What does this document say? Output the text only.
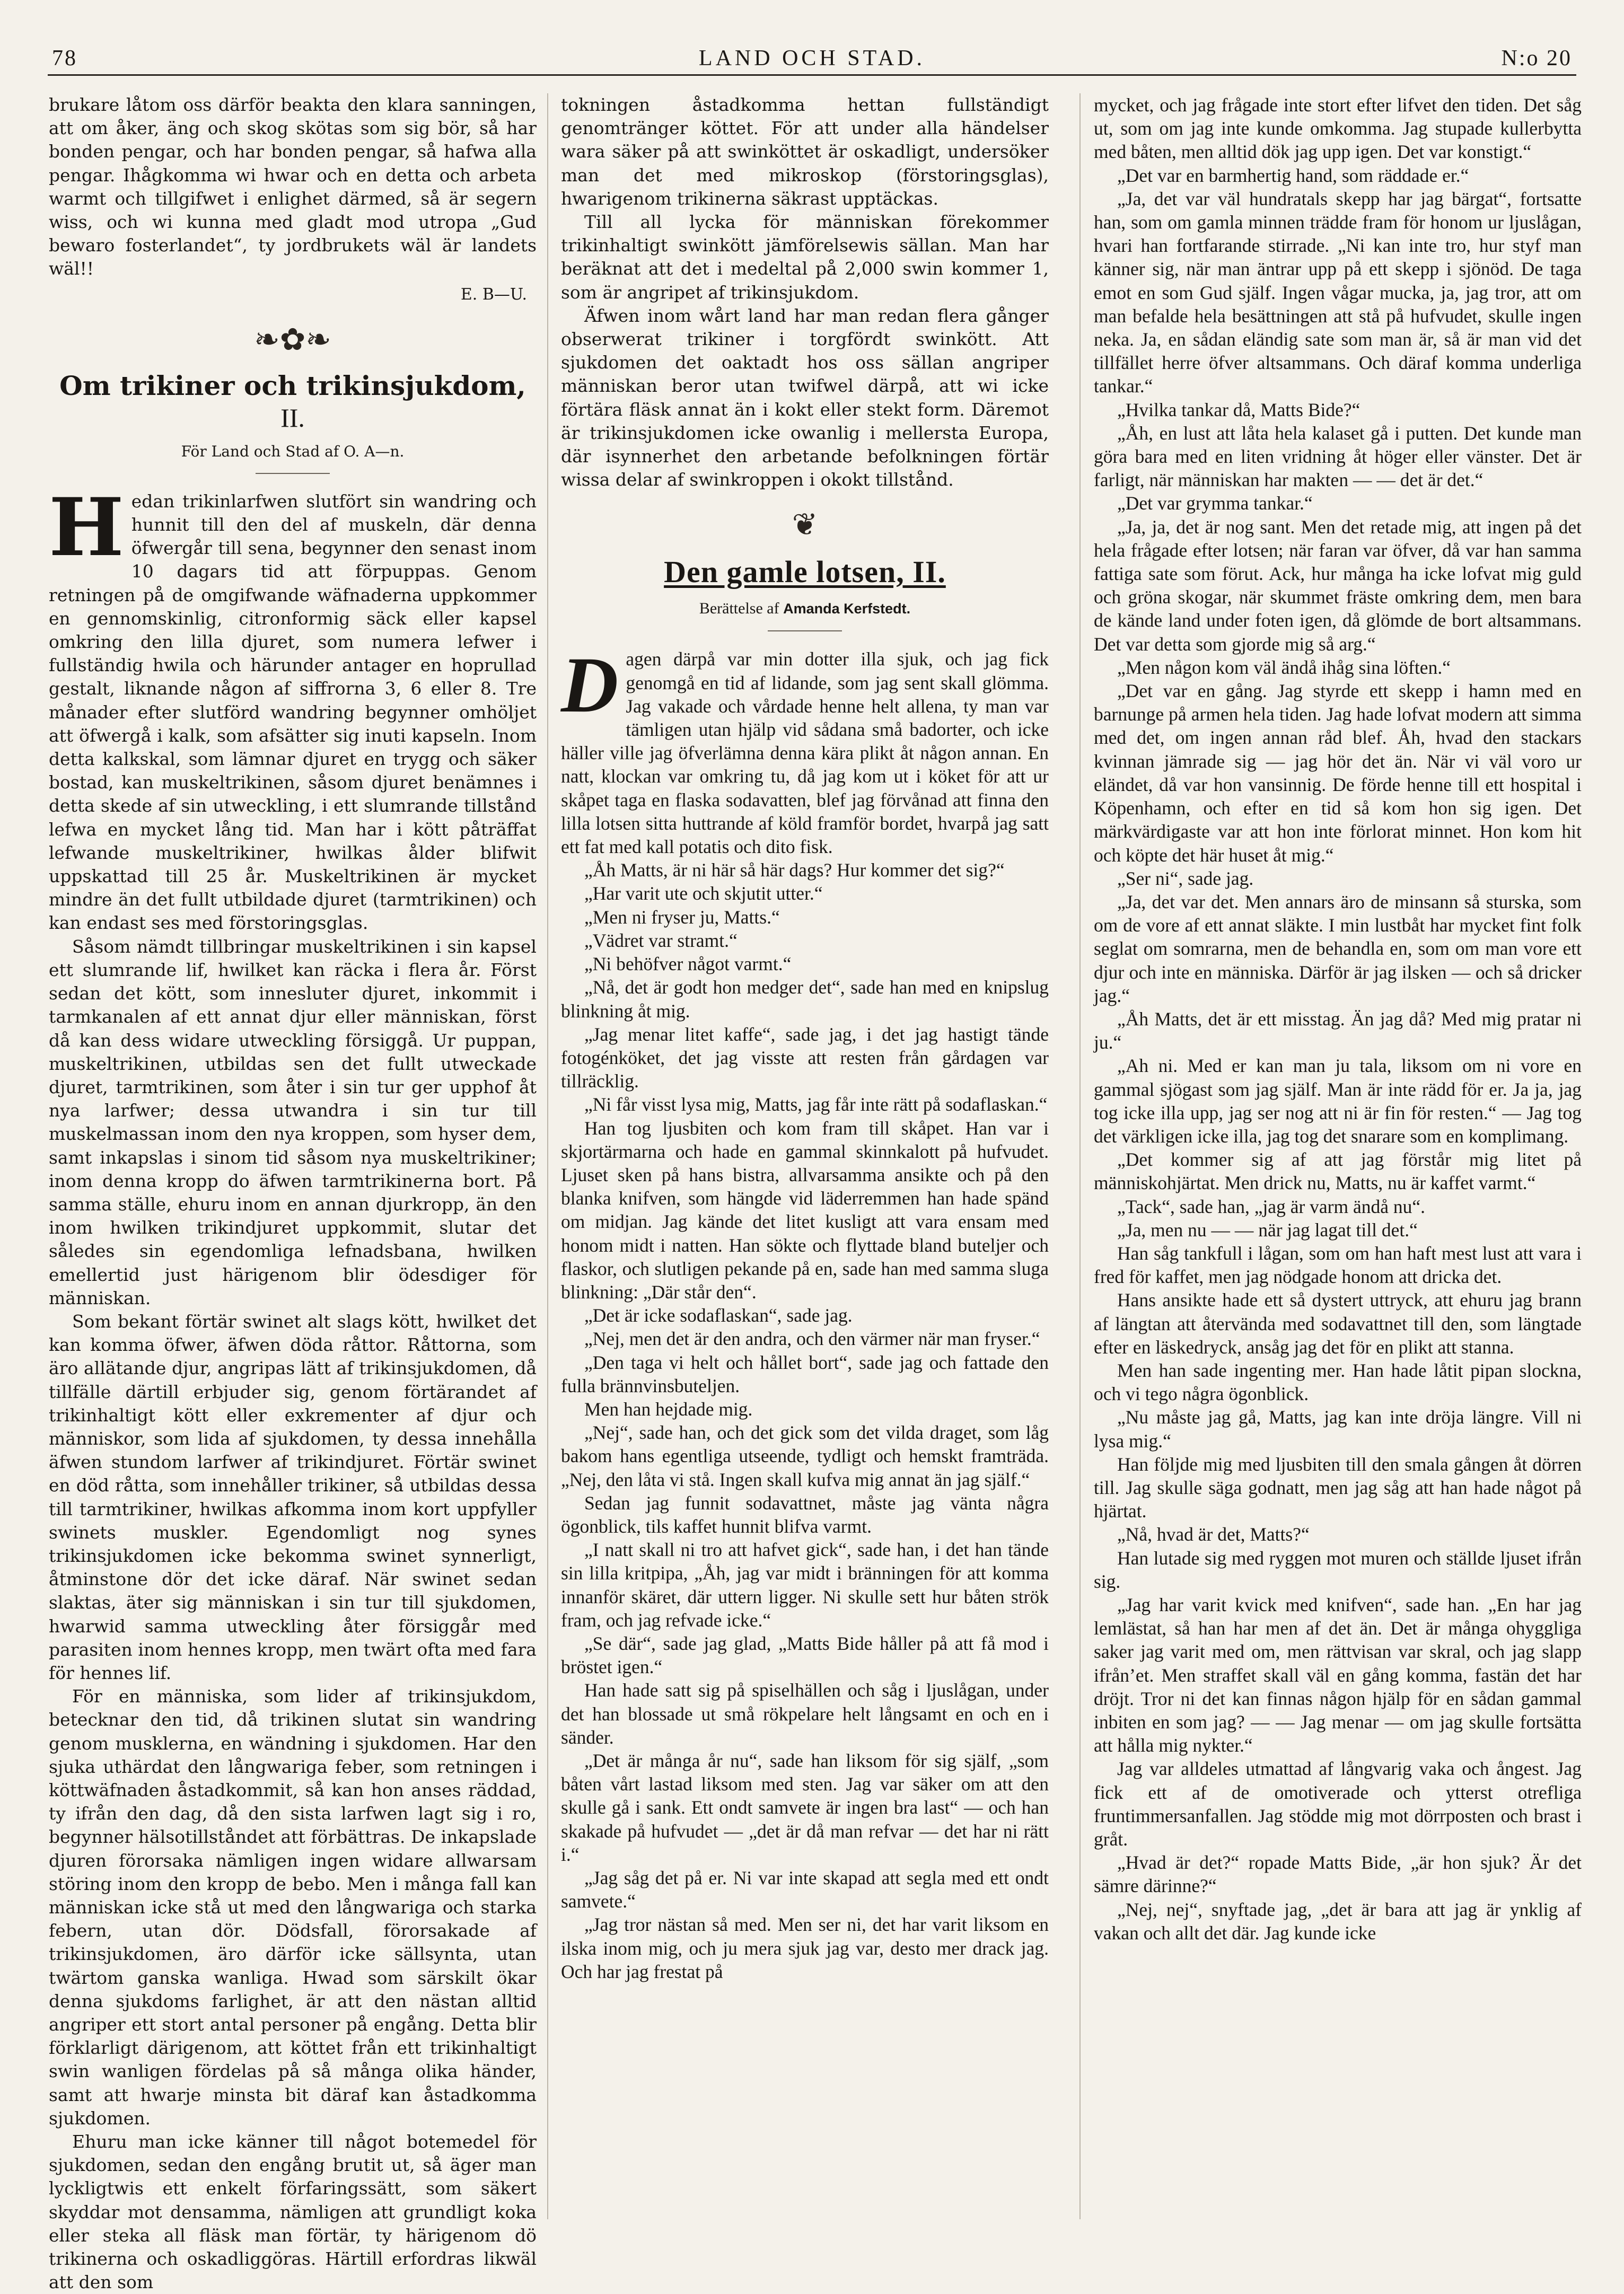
78	LAND OCH STAD.	N:o 20

brukare låtom oss därför beakta den klara sanningen, att om åker, äng och skog skötas som sig bör, så har bonden pengar, och har bonden pengar, så hafwa alla pengar. Ihågkomma wi hwar och en detta och arbeta warmt och tillgifwet i enlighet därmed, så är segern wiss, och wi kunna med gladt mod utropa „Gud bewaro fosterlandet“, ty jordbrukets wäl är landets wäl!!

E. B—U.
❧✿❧
Om trikiner och trikinsjukdom, II.
För Land och Stad af O. A—n.

Hedan trikinlarfwen slutfört sin wandring och hunnit till den del af muskeln, där denna öfwergår till sena, begynner den senast inom 10 dagars tid att förpuppas. Genom retningen på de omgifwande wäfnaderna uppkommer en gennomskinlig, citronformig säck eller kapsel omkring den lilla djuret, som numera lefwer i fullständig hwila och härunder antager en hoprullad gestalt, liknande någon af siffrorna 3, 6 eller 8. Tre månader efter slutförd wandring begynner omhöljet att öfwergå i kalk, som afsätter sig inuti kapseln. Inom detta kalkskal, som lämnar djuret en trygg och säker bostad, kan muskeltrikinen, såsom djuret benämnes i detta skede af sin utweckling, i ett slumrande tillstånd lefwa en mycket lång tid. Man har i kött påträffat lefwande muskeltrikiner, hwilkas ålder blifwit uppskattad till 25 år. Muskeltrikinen är mycket mindre än det fullt utbildade djuret (tarmtrikinen) och kan endast ses med förstoringsglas.

Såsom nämdt tillbringar muskeltrikinen i sin kapsel ett slumrande lif, hwilket kan räcka i flera år. Först sedan det kött, som innesluter djuret, inkommit i tarmkanalen af ett annat djur eller människan, först då kan dess widare utweckling försiggå. Ur puppan, muskeltrikinen, utbildas sen det fullt utweckade djuret, tarmtrikinen, som åter i sin tur ger upphof åt nya larfwer; dessa utwandra i sin tur till muskelmassan inom den nya kroppen, som hyser dem, samt inkapslas i sinom tid såsom nya muskeltrikiner; inom denna kropp do äfwen tarmtrikinerna bort. På samma ställe, ehuru inom en annan djurkropp, än den inom hwilken trikindjuret uppkommit, slutar det således sin egendomliga lefnadsbana, hwilken emellertid just härigenom blir ödesdiger för människan.

Som bekant förtär swinet alt slags kött, hwilket det kan komma öfwer, äfwen döda råttor. Råttorna, som äro allätande djur, angripas lätt af trikinsjukdomen, då tillfälle därtill erbjuder sig, genom förtärandet af trikinhaltigt kött eller exkrementer af djur och människor, som lida af sjukdomen, ty dessa innehålla äfwen stundom larfwer af trikindjuret. Förtär swinet en död råtta, som innehåller trikiner, så utbildas dessa till tarmtrikiner, hwilkas afkomma inom kort uppfyller swinets muskler. Egendomligt nog synes trikinsjukdomen icke bekomma swinet synnerligt, åtminstone dör det icke däraf. När swinet sedan slaktas, äter sig människan i sin tur till sjukdomen, hwarwid samma utweckling åter försiggår med parasiten inom hennes kropp, men twärt ofta med fara för hennes lif.

För en människa, som lider af trikinsjukdom, betecknar den tid, då trikinen slutat sin wandring genom musklerna, en wändning i sjukdomen. Har den sjuka uthärdat den långwariga feber, som retningen i köttwäfnaden åstadkommit, så kan hon anses räddad, ty ifrån den dag, då den sista larfwen lagt sig i ro, begynner hälsotillståndet att förbättras. De inkapslade djuren förorsaka nämligen ingen widare allwarsam störing inom den kropp de bebo. Men i många fall kan människan icke stå ut med den långwariga och starka febern, utan dör. Dödsfall, förorsakade af trikinsjukdomen, äro därför icke sällsynta, utan twärtom ganska wanliga. Hwad som särskilt ökar denna sjukdoms farlighet, är att den nästan alltid angriper ett stort antal personer på engång. Detta blir förklarligt därigenom, att köttet från ett trikinhaltigt swin wanligen fördelas på så många olika händer, samt att hwarje minsta bit däraf kan åstadkomma sjukdomen.

Ehuru man icke känner till något botemedel för sjukdomen, sedan den engång brutit ut, så äger man lyckligtwis ett enkelt förfaringssätt, som säkert skyddar mot densamma, nämligen att grundligt koka eller steka all fläsk man förtär, ty härigenom dö trikinerna och oskadliggöras. Härtill erfordras likwäl att den som

tokningen åstadkomma hettan fullständigt genomtränger köttet. För att under alla händelser wara säker på att swinköttet är oskadligt, undersöker man det med mikroskop (förstoringsglas), hwarigenom trikinerna säkrast upptäckas.

Till all lycka för människan förekommer trikinhaltigt swinkött jämförelsewis sällan. Man har beräknat att det i medeltal på 2,000 swin kommer 1, som är angripet af trikinsjukdom.

Äfwen inom wårt land har man redan flera gånger obserwerat trikiner i torgfördt swinkött. Att sjukdomen det oaktadt hos oss sällan angriper människan beror utan twifwel därpå, att wi icke förtära fläsk annat än i kokt eller stekt form. Däremot är trikinsjukdomen icke owanlig i mellersta Europa, där isynnerhet den arbetande befolkningen förtär wissa delar af swinkroppen i okokt tillstånd.

❦
Den gamle lotsen, II.
Berättelse af Amanda Kerfstedt.

Dagen därpå var min dotter illa sjuk, och jag fick genomgå en tid af lidande, som jag sent skall glömma. Jag vakade och vårdade henne helt allena, ty man var tämligen utan hjälp vid sådana små badorter, och icke häller ville jag öfverlämna denna kära plikt åt någon annan. En natt, klockan var omkring tu, då jag kom ut i köket för att ur skåpet taga en flaska sodavatten, blef jag förvånad att finna den lilla lotsen sitta huttrande af köld framför bordet, hvarpå jag satt ett fat med kall potatis och dito fisk.

„Åh Matts, är ni här så här dags? Hur kommer det sig?“

„Har varit ute och skjutit utter.“

„Men ni fryser ju, Matts.“

„Vädret var stramt.“

„Ni behöfver något varmt.“

„Nå, det är godt hon medger det“, sade han med en knipslug blinkning åt mig.

„Jag menar litet kaffe“, sade jag, i det jag hastigt tände fotogénköket, det jag visste att resten från gårdagen var tillräcklig.

„Ni får visst lysa mig, Matts, jag får inte rätt på sodaflaskan.“

Han tog ljusbiten och kom fram till skåpet. Han var i skjortärmarna och hade en gammal skinnkalott på hufvudet. Ljuset sken på hans bistra, allvarsamma ansikte och på den blanka knifven, som hängde vid läderremmen han hade spänd om midjan. Jag kände det litet kusligt att vara ensam med honom midt i natten. Han sökte och flyttade bland buteljer och flaskor, och slutligen pekande på en, sade han med samma sluga blinkning: „Där står den“.

„Det är icke sodaflaskan“, sade jag.

„Nej, men det är den andra, och den värmer när man fryser.“

„Den taga vi helt och hållet bort“, sade jag och fattade den fulla brännvinsbuteljen.

Men han hejdade mig.

„Nej“, sade han, och det gick som det vilda draget, som låg bakom hans egentliga utseende, tydligt och hemskt framträda. „Nej, den låta vi stå. Ingen skall kufva mig annat än jag själf.“

Sedan jag funnit sodavattnet, måste jag vänta några ögonblick, tils kaffet hunnit blifva varmt.

„I natt skall ni tro att hafvet gick“, sade han, i det han tände sin lilla kritpipa, „Åh, jag var midt i bränningen för att komma innanför skäret, där uttern ligger. Ni skulle sett hur båten strök fram, och jag refvade icke.“

„Se där“, sade jag glad, „Matts Bide håller på att få mod i bröstet igen.“

Han hade satt sig på spiselhällen och såg i ljuslågan, under det han blossade ut små rökpelare helt långsamt en och en i sänder.

„Det är många år nu“, sade han liksom för sig själf, „som båten vårt lastad liksom med sten. Jag var säker om att den skulle gå i sank. Ett ondt samvete är ingen bra last“ — och han skakade på hufvudet — „det är då man refvar — det har ni rätt i.“

„Jag såg det på er. Ni var inte skapad att segla med ett ondt samvete.“

„Jag tror nästan så med. Men ser ni, det har varit liksom en ilska inom mig, och ju mera sjuk jag var, desto mer drack jag. Och har jag frestat på

mycket, och jag frågade inte stort efter lifvet den tiden. Det såg ut, som om jag inte kunde omkomma. Jag stupade kullerbytta med båten, men alltid dök jag upp igen. Det var konstigt.“

„Det var en barmhertig hand, som räddade er.“

„Ja, det var väl hundratals skepp har jag bärgat“, fortsatte han, som om gamla minnen trädde fram för honom ur ljuslågan, hvari han fortfarande stirrade. „Ni kan inte tro, hur styf man känner sig, när man äntrar upp på ett skepp i sjönöd. De taga emot en som Gud själf. Ingen vågar mucka, ja, jag tror, att om man befalde hela besättningen att stå på hufvudet, skulle ingen neka. Ja, en sådan eländig sate som man är, så är man vid det tillfället herre öfver altsammans. Och däraf komma underliga tankar.“

„Hvilka tankar då, Matts Bide?“

„Åh, en lust att låta hela kalaset gå i putten. Det kunde man göra bara med en liten vridning åt höger eller vänster. Det är farligt, när människan har makten — — det är det.“

„Det var grymma tankar.“

„Ja, ja, det är nog sant. Men det retade mig, att ingen på det hela frågade efter lotsen; när faran var öfver, då var han samma fattiga sate som förut. Ack, hur många ha icke lofvat mig guld och gröna skogar, när skummet fräste omkring dem, men bara de kände land under foten igen, då glömde de bort altsammans. Det var detta som gjorde mig så arg.“

„Men någon kom väl ändå ihåg sina löften.“

„Det var en gång. Jag styrde ett skepp i hamn med en barnunge på armen hela tiden. Jag hade lofvat modern att simma med det, om ingen annan råd blef. Åh, hvad den stackars kvinnan jämrade sig — jag hör det än. När vi väl voro ur eländet, då var hon vansinnig. De förde henne till ett hospital i Köpenhamn, och efter en tid så kom hon sig igen. Det märkvärdigaste var att hon inte förlorat minnet. Hon kom hit och köpte det här huset åt mig.“

„Ser ni“, sade jag.

„Ja, det var det. Men annars äro de minsann så sturska, som om de vore af ett annat släkte. I min lustbåt har mycket fint folk seglat om somrarna, men de behandla en, som om man vore ett djur och inte en människa. Därför är jag ilsken — och så dricker jag.“

„Åh Matts, det är ett misstag. Än jag då? Med mig pratar ni ju.“

„Ah ni. Med er kan man ju tala, liksom om ni vore en gammal sjögast som jag själf. Man är inte rädd för er. Ja ja, jag tog icke illa upp, jag ser nog att ni är fin för resten.“ — Jag tog det värkligen icke illa, jag tog det snarare som en komplimang.

„Det kommer sig af att jag förstår mig litet på människohjärtat. Men drick nu, Matts, nu är kaffet varmt.“

„Tack“, sade han, „jag är varm ändå nu“.

„Ja, men nu — — när jag lagat till det.“

Han såg tankfull i lågan, som om han haft mest lust att vara i fred för kaffet, men jag nödgade honom att dricka det.

Hans ansikte hade ett så dystert uttryck, att ehuru jag brann af längtan att återvända med sodavattnet till den, som längtade efter en läskedryck, ansåg jag det för en plikt att stanna.

Men han sade ingenting mer. Han hade låtit pipan slockna, och vi tego några ögonblick.

„Nu måste jag gå, Matts, jag kan inte dröja längre. Vill ni lysa mig.“

Han följde mig med ljusbiten till den smala gången åt dörren till. Jag skulle säga godnatt, men jag såg att han hade något på hjärtat.

„Nå, hvad är det, Matts?“

Han lutade sig med ryggen mot muren och ställde ljuset ifrån sig.

„Jag har varit kvick med knifven“, sade han. „En har jag lemlästat, så han har men af det än. Det är många ohyggliga saker jag varit med om, men rättvisan var skral, och jag slapp ifrån’et. Men straffet skall väl en gång komma, fastän det har dröjt. Tror ni det kan finnas någon hjälp för en sådan gammal inbiten en som jag? — — Jag menar — om jag skulle fortsätta att hålla mig nykter.“

Jag var alldeles utmattad af långvarig vaka och ångest. Jag fick ett af de omotiverade och ytterst otrefliga fruntimmersanfallen. Jag stödde mig mot dörrposten och brast i gråt.

„Hvad är det?“ ropade Matts Bide, „är hon sjuk? Är det sämre därinne?“

„Nej, nej“, snyftade jag, „det är bara att jag är ynklig af vakan och allt det där. Jag kunde icke
